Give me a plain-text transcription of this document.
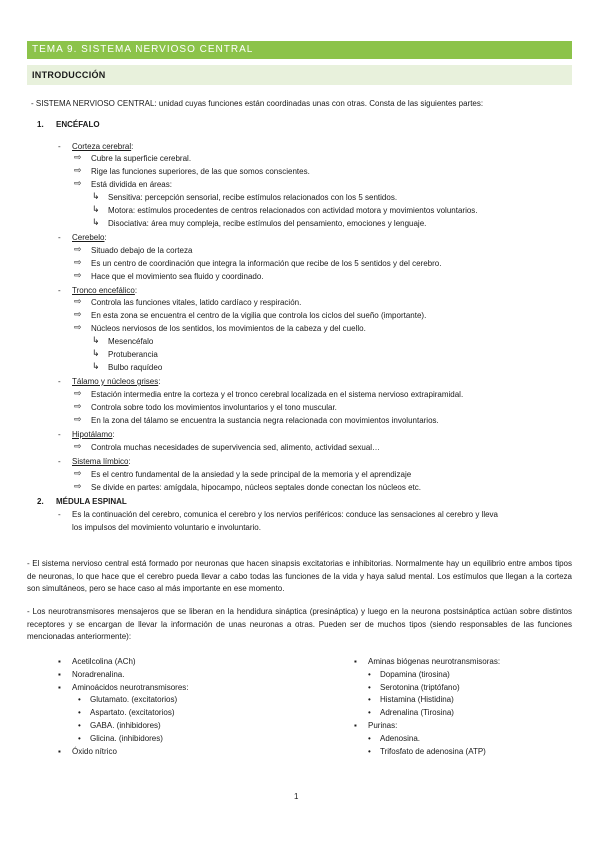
TEMA 9. SISTEMA NERVIOSO CENTRAL
INTRODUCCIÓN
- SISTEMA NERVIOSO CENTRAL: unidad cuyas funciones están coordinadas unas con otras. Consta de las siguientes partes:
1. ENCÉFALO
- Corteza cerebral:
⇨ Cubre la superficie cerebral.
⇨ Rige las funciones superiores, de las que somos conscientes.
⇨ Está dividida en áreas:
↳ Sensitiva: percepción sensorial, recibe estímulos relacionados con los 5 sentidos.
↳ Motora: estímulos procedentes de centros relacionados con actividad motora y movimientos voluntarios.
↳ Disociativa: área muy compleja, recibe estímulos del pensamiento, emociones y lenguaje.
- Cerebelo:
⇨ Situado debajo de la corteza
⇨ Es un centro de coordinación que integra la información que recibe de los 5 sentidos y del cerebro.
⇨ Hace que el movimiento sea fluido y coordinado.
- Tronco encefálico:
⇨ Controla las funciones vitales, latido cardíaco y respiración.
⇨ En esta zona se encuentra el centro de la vigilia que controla los ciclos del sueño (importante).
⇨ Núcleos nerviosos de los sentidos, los movimientos de la cabeza y del cuello.
↳ Mesencéfalo
↳ Protuberancia
↳ Bulbo raquídeo
- Tálamo y núcleos grises:
⇨ Estación intermedia entre la corteza y el tronco cerebral localizada en el sistema nervioso extrapiramidal.
⇨ Controla sobre todo los movimientos involuntarios y el tono muscular.
⇨ En la zona del tálamo se encuentra la sustancia negra relacionada con movimientos involuntarios.
- Hipotálamo:
⇨ Controla muchas necesidades de supervivencia sed, alimento, actividad sexual…
- Sistema límbico:
⇨ Es el centro fundamental de la ansiedad y la sede principal de la memoria y el aprendizaje
⇨ Se divide en partes: amígdala, hipocampo, núcleos septales donde conectan los núcleos etc.
2. MÉDULA ESPINAL
- Es la continuación del cerebro, comunica el cerebro y los nervios periféricos: conduce las sensaciones al cerebro y lleva
los impulsos del movimiento voluntario e involuntario.
- El sistema nervioso central está formado por neuronas que hacen sinapsis excitatorias e inhibitorias. Normalmente hay un equilibrio entre ambos tipos de neuronas, lo que hace que el cerebro pueda llevar a cabo todas las funciones de la vida y haya salud mental. Los estímulos que llegan a la corteza son simultáneos, pero se hace caso al más importante en ese momento.
- Los neurotransmisores mensajeros que se liberan en la hendidura sináptica (presináptica) y luego en la neurona postsináptica actúan sobre distintos receptores y se encargan de llevar la información de unas neuronas a otras. Pueden ser de muchos tipos (siendo responsables de las funciones mencionadas anteriormente):
▪ Acetilcolina (ACh)
▪ Noradrenalina.
▪ Aminoácidos neurotransmisores:
• Glutamato. (excitatorios)
• Aspartato. (excitatorios)
• GABA. (inhibidores)
• Glicina. (inhibidores)
▪ Óxido nítrico
▪ Aminas biógenas neurotransmisoras:
• Dopamina (tirosina)
• Serotonina (triptófano)
• Histamina (Histidina)
• Adrenalina (Tirosina)
▪ Purinas:
• Adenosina.
• Trifosfato de adenosina (ATP)
1
